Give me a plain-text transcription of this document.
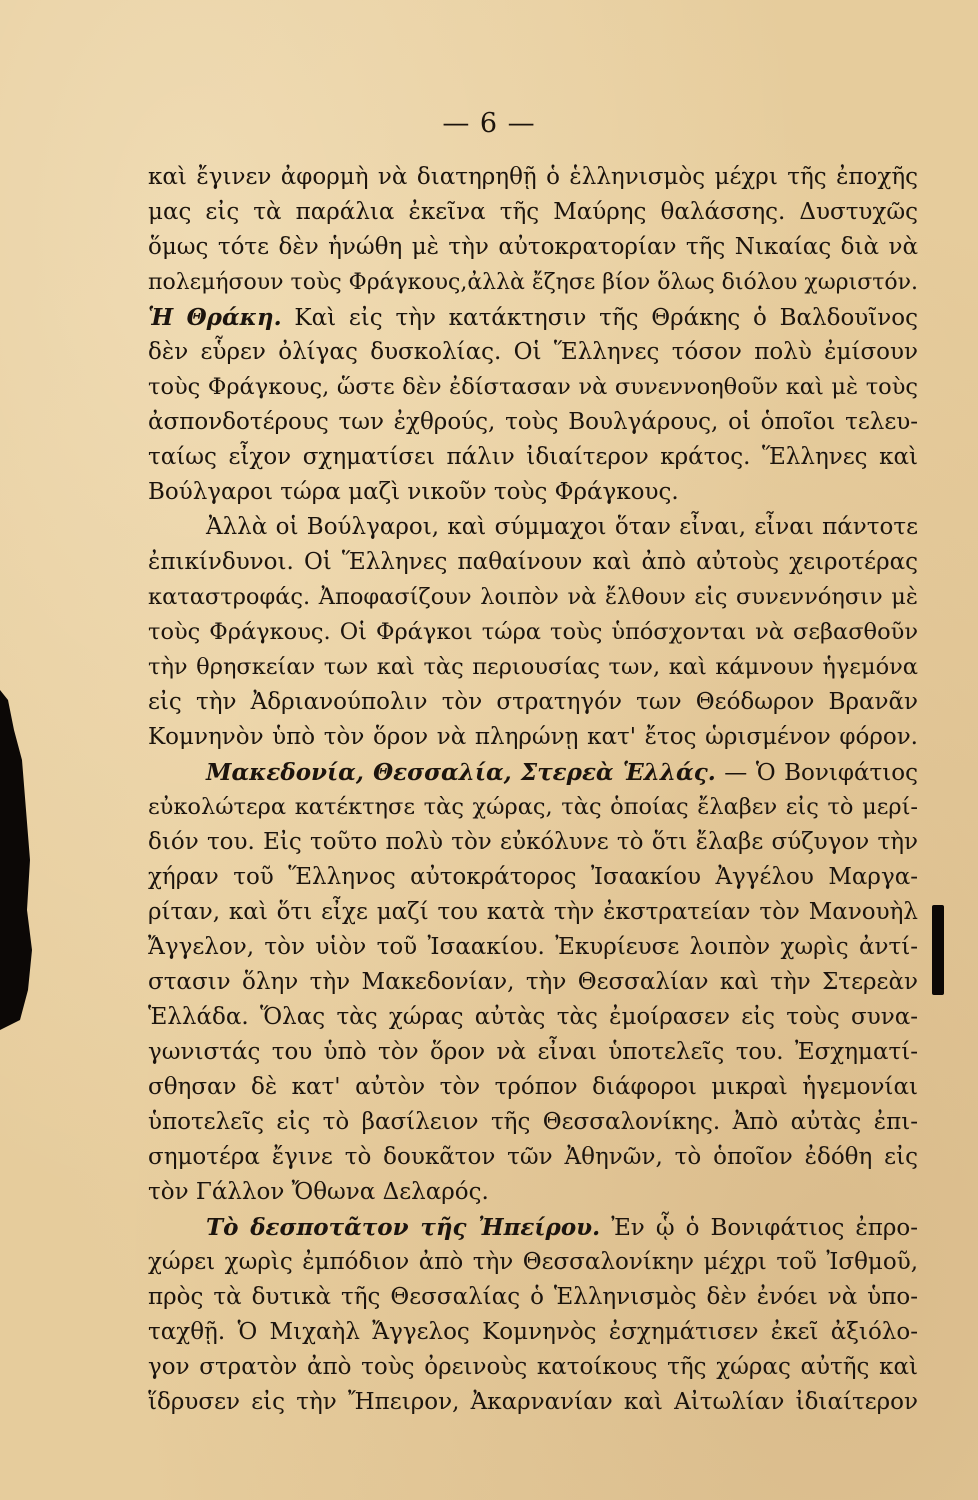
— 6 —
καὶ ἔγινεν ἀφορμὴ νὰ διατηρηθῇ ὁ ἑλληνισμὸς μέχρι τῆς ἐποχῆς
μας εἰς τὰ παράλια ἐκεῖνα τῆς Μαύρης θαλάσσης. Δυστυχῶς
ὅμως τότε δὲν ἡνώθη μὲ τὴν αὐτοκρατορίαν τῆς Νικαίας διὰ νὰ
πολεμήσουν τοὺς Φράγκους,ἀλλὰ ἔζησε βίον ὅλως διόλου χωριστόν.
Ἡ Θράκη. Καὶ εἰς τὴν κατάκτησιν τῆς Θράκης ὁ Βαλδουῖνος
δὲν εὗρεν ὀλίγας δυσκολίας. Οἱ Ἕλληνες τόσον πολὺ ἐμίσουν
τοὺς Φράγκους, ὥστε δὲν ἐδίστασαν νὰ συνεννοηθοῦν καὶ μὲ τοὺς
ἀσπονδοτέρους των ἐχθρούς, τοὺς Βουλγάρους, οἱ ὁποῖοι τελευ-
ταίως εἶχον σχηματίσει πάλιν ἰδιαίτερον κράτος. Ἕλληνες καὶ
Βούλγαροι τώρα μαζὶ νικοῦν τοὺς Φράγκους.
Ἀλλὰ οἱ Βούλγαροι, καὶ σύμμαχοι ὅταν εἶναι, εἶναι πάντοτε
ἐπικίνδυνοι. Οἱ Ἕλληνες παθαίνουν καὶ ἀπὸ αὐτοὺς χειροτέρας
καταστροφάς. Ἀποφασίζουν λοιπὸν νὰ ἔλθουν εἰς συνεννόησιν μὲ
τοὺς Φράγκους. Οἱ Φράγκοι τώρα τοὺς ὑπόσχονται νὰ σεβασθοῦν
τὴν θρησκείαν των καὶ τὰς περιουσίας των, καὶ κάμνουν ἡγεμόνα
εἰς τὴν Ἀδριανούπολιν τὸν στρατηγόν των Θεόδωρον Βρανᾶν
Κομνηνὸν ὑπὸ τὸν ὅρον νὰ πληρώνῃ κατ' ἔτος ὡρισμένον φόρον.
Μακεδονία, Θεσσαλία, Στερεὰ Ἑλλάς. — Ὁ Βονιφάτιος
εὐκολώτερα κατέκτησε τὰς χώρας, τὰς ὁποίας ἔλαβεν εἰς τὸ μερί-
διόν του. Εἰς τοῦτο πολὺ τὸν εὐκόλυνε τὸ ὅτι ἔλαβε σύζυγον τὴν
χήραν τοῦ Ἕλληνος αὐτοκράτορος Ἰσαακίου Ἀγγέλου Μαργα-
ρίταν, καὶ ὅτι εἶχε μαζί του κατὰ τὴν ἐκστρατείαν τὸν Μανουὴλ
Ἄγγελον, τὸν υἱὸν τοῦ Ἰσαακίου. Ἐκυρίευσε λοιπὸν χωρὶς ἀντί-
στασιν ὅλην τὴν Μακεδονίαν, τὴν Θεσσαλίαν καὶ τὴν Στερεὰν
Ἑλλάδα. Ὅλας τὰς χώρας αὐτὰς τὰς ἐμοίρασεν εἰς τοὺς συνα-
γωνιστάς του ὑπὸ τὸν ὅρον νὰ εἶναι ὑποτελεῖς του. Ἐσχηματί-
σθησαν δὲ κατ' αὐτὸν τὸν τρόπον διάφοροι μικραὶ ἡγεμονίαι
ὑποτελεῖς εἰς τὸ βασίλειον τῆς Θεσσαλονίκης. Ἀπὸ αὐτὰς ἐπι-
σημοτέρα ἔγινε τὸ δουκᾶτον τῶν Ἀθηνῶν, τὸ ὁποῖον ἐδόθη εἰς
τὸν Γάλλον Ὄθωνα Δελαρός.
Τὸ δεσποτᾶτον τῆς Ἠπείρου. Ἐν ᾧ ὁ Βονιφάτιος ἐπρο-
χώρει χωρὶς ἐμπόδιον ἀπὸ τὴν Θεσσαλονίκην μέχρι τοῦ Ἰσθμοῦ,
πρὸς τὰ δυτικὰ τῆς Θεσσαλίας ὁ Ἑλληνισμὸς δὲν ἐνόει νὰ ὑπο-
ταχθῇ. Ὁ Μιχαὴλ Ἄγγελος Κομνηνὸς ἐσχημάτισεν ἐκεῖ ἀξιόλο-
γον στρατὸν ἀπὸ τοὺς ὀρεινοὺς κατοίκους τῆς χώρας αὐτῆς καὶ
ἵδρυσεν εἰς τὴν Ἤπειρον, Ἀκαρνανίαν καὶ Αἰτωλίαν ἰδιαίτερον
